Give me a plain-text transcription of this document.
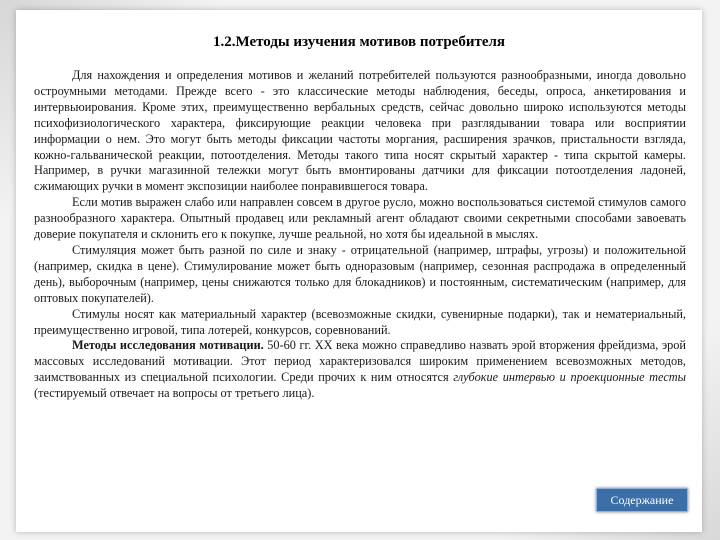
1.2.Методы изучения мотивов потребителя

Для нахождения и определения мотивов и желаний потребителей пользуются разнообразными, иногда довольно остроумными методами. Прежде всего - это классические методы наблюдения, беседы, опроса, анкетирования и интервьюирования. Кроме этих, преимущественно вербальных средств, сейчас довольно широко используются методы психофизиологического характера, фиксирующие реакции человека при разглядывании товара или восприятии информации о нем. Это могут быть методы фиксации частоты моргания, расширения зрачков, пристальности взгляда, кожно-гальванической реакции, потоотделения. Методы такого типа носят скрытый характер - типа скрытой камеры. Например, в ручки магазинной тележки могут быть вмонтированы датчики для фиксации потоотделения ладоней, сжимающих ручки в момент экспозиции наиболее понравившегося товара.

Если мотив выражен слабо или направлен совсем в другое русло, можно воспользоваться системой стимулов самого разнообразного характера. Опытный продавец или рекламный агент обладают своими секретными способами завоевать доверие покупателя и склонить его к покупке, лучше реальной, но хотя бы идеальной в мыслях.

Стимуляция может быть разной по силе и знаку - отрицательной (например, штрафы, угрозы) и положительной (например, скидка в цене). Стимулирование может быть одноразовым (например, сезонная распродажа в определенный день), выборочным (например, цены снижаются только для блокадников) и постоянным, систематическим (например, для оптовых покупателей).

Стимулы носят как материальный характер (всевозможные скидки, сувенирные подарки), так и нематериальный, преимущественно игровой, типа лотерей, конкурсов, соревнований.

Методы исследования мотивации. 50-60 гг. XX века можно справедливо назвать эрой вторжения фрейдизма, эрой массовых исследований мотивации. Этот период характеризовался широким применением всевозможных методов, заимствованных из специальной психологии. Среди прочих к ним относятся глубокие интервью и проекционные тесты (тестируемый отвечает на вопросы от третьего лица).

Содержание
